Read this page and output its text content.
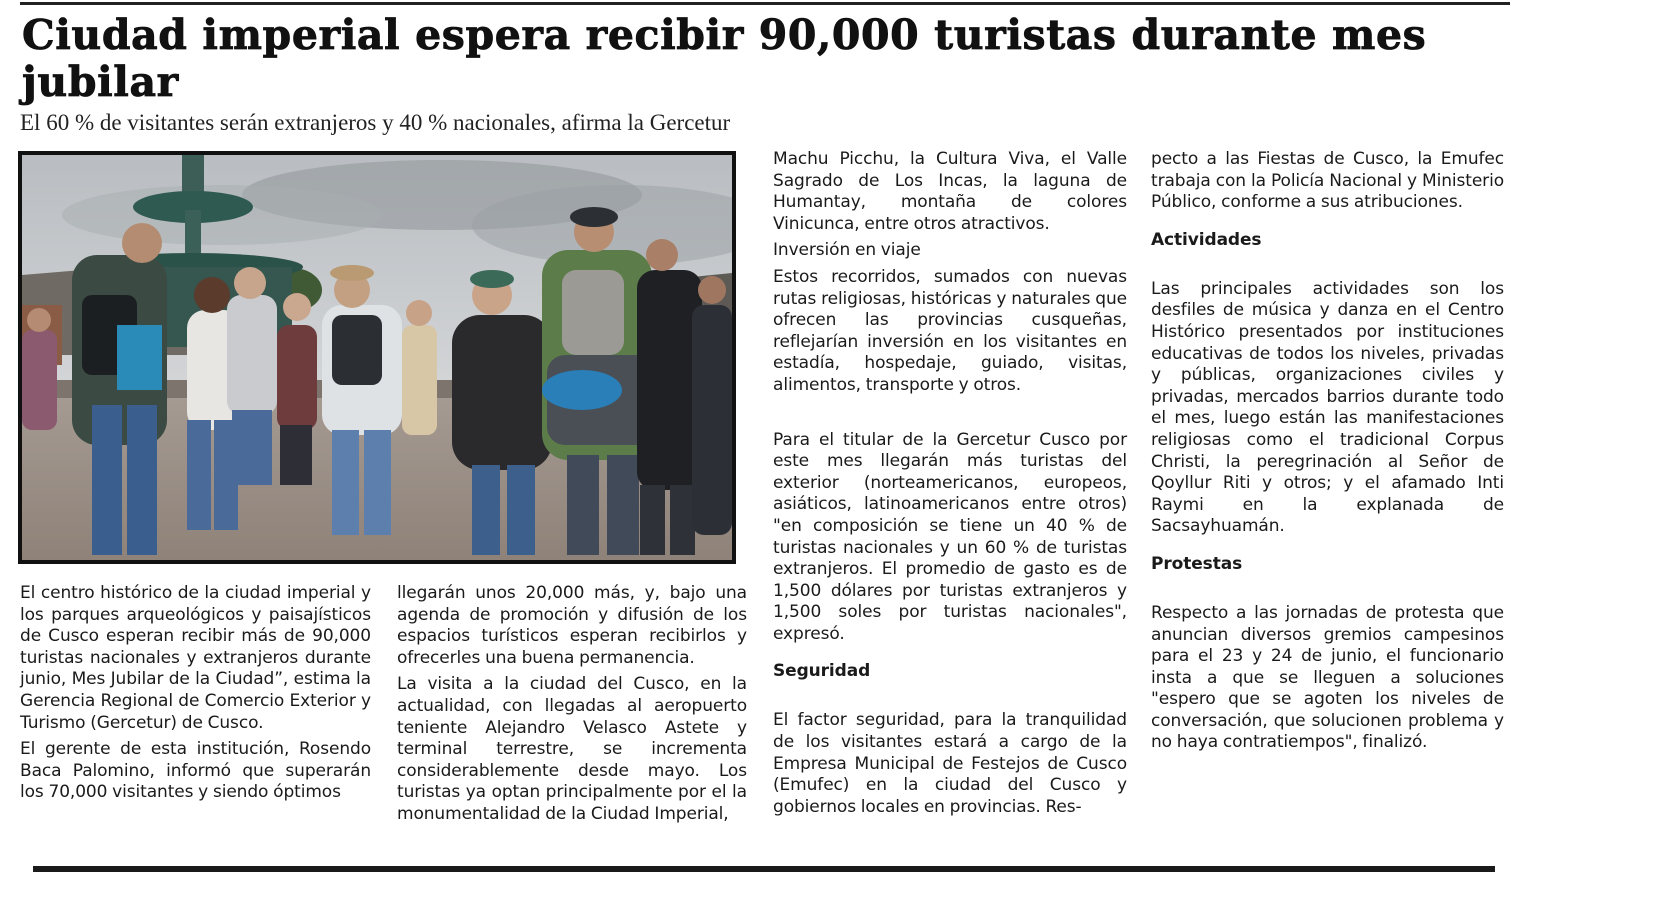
Ciudad imperial espera recibir 90,000 turistas durante mes jubilar

El 60 % de visitantes serán extranjeros y 40 % nacionales, afirma la Gercetur

El centro histórico de la ciudad imperial y los parques arqueológicos y paisajísticos de Cusco esperan recibir más de 90,000 turistas nacionales y extranjeros durante junio, Mes Jubilar de la Ciudad”, estima la Gerencia Regional de Comercio Exterior y Turismo (Gercetur) de Cusco.

El gerente de esta institución, Rosendo Baca Palomino, informó que superarán los 70,000 visitantes y siendo óptimos

llegarán unos 20,000 más, y, bajo una agenda de promoción y difusión de los espacios turísticos esperan recibirlos y ofrecerles una buena permanencia.

La visita a la ciudad del Cusco, en la actualidad, con llegadas al aeropuerto teniente Alejandro Velasco Astete y terminal terrestre, se incrementa considerablemente desde mayo. Los turistas ya optan principalmente por el la monumentalidad de la Ciudad Imperial,

Machu Picchu, la Cultura Viva, el Valle Sagrado de Los Incas, la laguna de Humantay, montaña de colores Vinicunca, entre otros atractivos.

Inversión en viaje

Estos recorridos, sumados con nuevas rutas religiosas, históricas y naturales que ofrecen las provincias cusqueñas, reflejarían inversión en los visitantes en estadía, hospedaje, guiado, visitas, alimentos, transporte y otros.

Para el titular de la Gercetur Cusco por este mes llegarán más turistas del exterior (norteamericanos, europeos, asiáticos, latinoamericanos entre otros) "en composición se tiene un 40 % de turistas nacionales y un 60 % de turistas extranjeros. El promedio de gasto es de 1,500 dólares por turistas extranjeros y 1,500 soles por turistas nacionales", expresó.

Seguridad

El factor seguridad, para la tranquilidad de los visitantes estará a cargo de la Empresa Municipal de Festejos de Cusco (Emufec) en la ciudad del Cusco y gobiernos locales en provincias. Res-

pecto a las Fiestas de Cusco, la Emufec trabaja con la Policía Nacional y Ministerio Público, conforme a sus atribuciones.

Actividades

Las principales actividades son los desfiles de música y danza en el Centro Histórico presentados por instituciones educativas de todos los niveles, privadas y públicas, organizaciones civiles y privadas, mercados barrios durante todo el mes, luego están las manifestaciones religiosas como el tradicional Corpus Christi, la peregrinación al Señor de Qoyllur Riti y otros; y el afamado Inti Raymi en la explanada de Sacsayhuamán.

Protestas

Respecto a las jornadas de protesta que anuncian diversos gremios campesinos para el 23 y 24 de junio, el funcionario insta a que se lleguen a soluciones "espero que se agoten los niveles de conversación, que solucionen problema y no haya contratiempos", finalizó.
